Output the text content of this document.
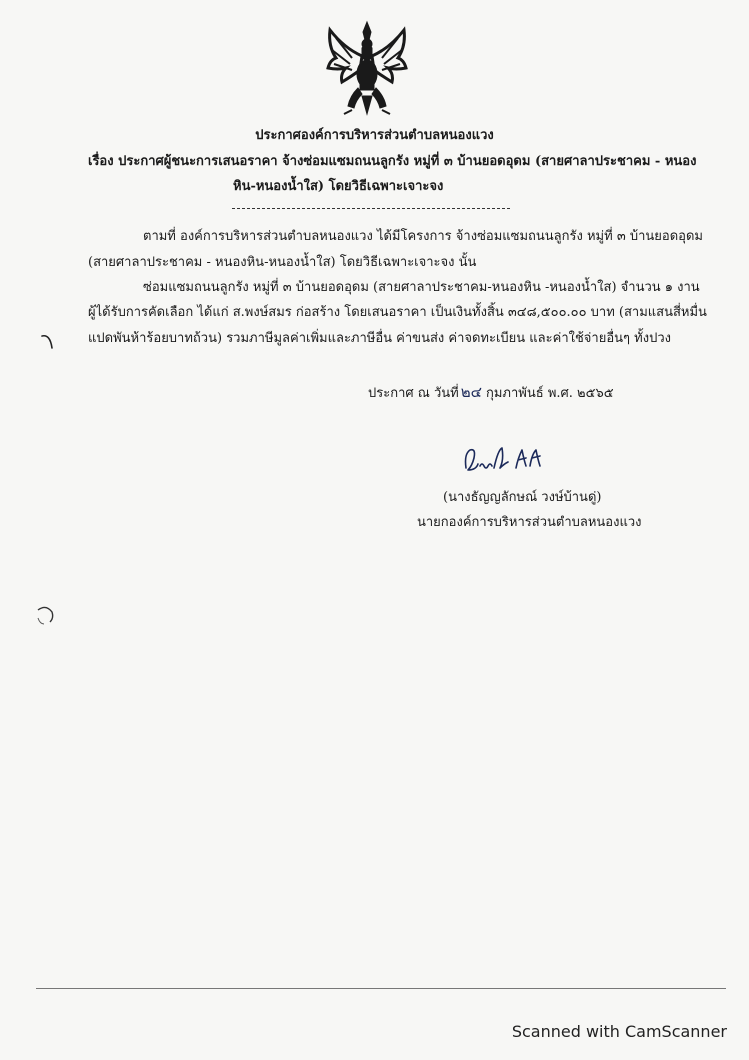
ประกาศองค์การบริหารส่วนตำบลหนองแวง
เรื่อง ประกาศผู้ชนะการเสนอราคา จ้างซ่อมแซมถนนลูกรัง หมู่ที่ ๓ บ้านยอดอุดม (สายศาลาประชาคม - หนอง
หิน-หนองน้ำใส) โดยวิธีเฉพาะเจาะจง
ตามที่ องค์การบริหารส่วนตำบลหนองแวง ได้มีโครงการ จ้างซ่อมแซมถนนลูกรัง หมู่ที่ ๓ บ้านยอดอุดม
(สายศาลาประชาคม - หนองหิน-หนองน้ำใส) โดยวิธีเฉพาะเจาะจง นั้น
ซ่อมแซมถนนลูกรัง หมู่ที่ ๓ บ้านยอดอุดม (สายศาลาประชาคม-หนองหิน -หนองน้ำใส) จำนวน ๑ งาน
ผู้ได้รับการคัดเลือก ได้แก่ ส.พงษ์สมร ก่อสร้าง โดยเสนอราคา เป็นเงินทั้งสิ้น ๓๔๘,๕๐๐.๐๐ บาท (สามแสนสี่หมื่น
แปดพันห้าร้อยบาทถ้วน) รวมภาษีมูลค่าเพิ่มและภาษีอื่น ค่าขนส่ง ค่าจดทะเบียน และค่าใช้จ่ายอื่นๆ ทั้งปวง
ประกาศ ณ วันที่ ๒๔ กุมภาพันธ์ พ.ศ. ๒๕๖๕
(นางธัญญลักษณ์ วงษ์บ้านดู่)
นายกองค์การบริหารส่วนตำบลหนองแวง
Scanned with CamScanner
